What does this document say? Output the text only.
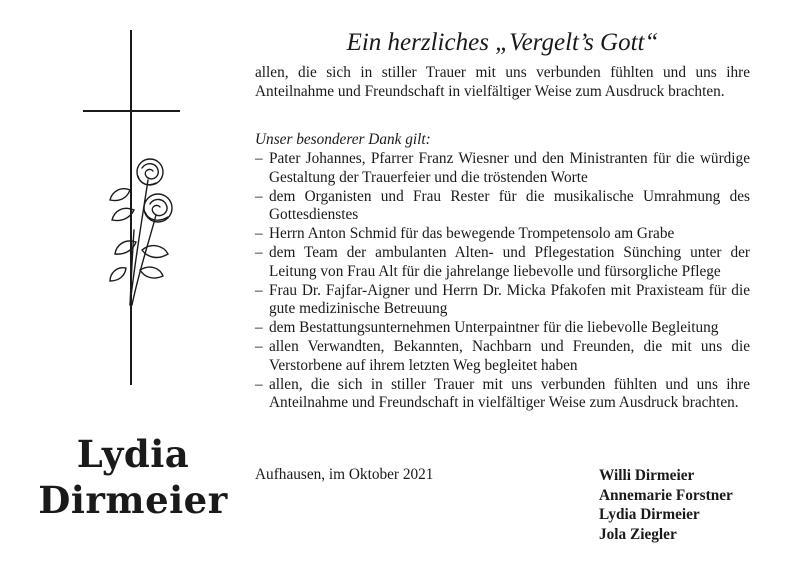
Lydia
Dirmeier
Ein herzliches „Vergelt’s Gott“
allen, die sich in stiller Trauer mit uns verbunden fühlten und uns ihre Anteilnahme und Freundschaft in vielfältiger Weise zum Ausdruck brachten.
Unser besonderer Dank gilt:
– Pater Johannes, Pfarrer Franz Wiesner und den Ministranten für die würdige Gestaltung der Trauerfeier und die tröstenden Worte
– dem Organisten und Frau Rester für die musikalische Umrahmung des Gottesdienstes
– Herrn Anton Schmid für das bewegende Trompetensolo am Grabe
– dem Team der ambulanten Alten- und Pflegestation Sünching unter der Leitung von Frau Alt für die jahrelange liebevolle und fürsorgliche Pflege
– Frau Dr. Fajfar-Aigner und Herrn Dr. Micka Pfakofen mit Praxisteam für die gute medizinische Betreuung
– dem Bestattungsunternehmen Unterpaintner für die liebevolle Begleitung
– allen Verwandten, Bekannten, Nachbarn und Freunden, die mit uns die Verstorbene auf ihrem letzten Weg begleitet haben
– allen, die sich in stiller Trauer mit uns verbunden fühlten und uns ihre Anteilnahme und Freundschaft in vielfältiger Weise zum Ausdruck brachten.
Aufhausen, im Oktober 2021	Willi Dirmeier
Annemarie Forstner
Lydia Dirmeier
Jola Ziegler
